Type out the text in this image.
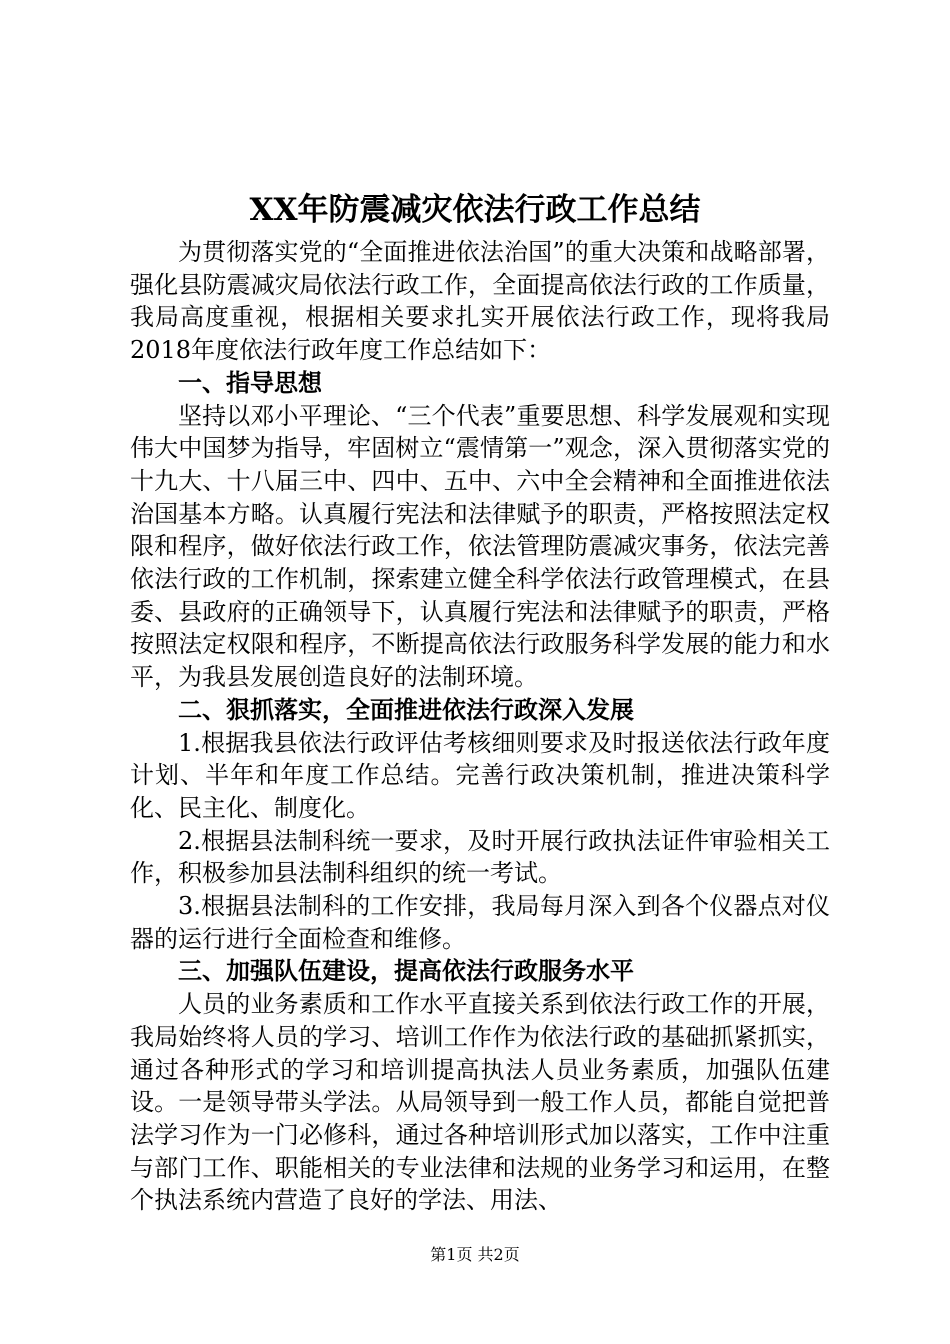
XX年防震减灾依法行政工作总结

为贯彻落实党的“全面推进依法治国”的重大决策和战略部署，强化县防震减灾局依法行政工作，全面提高依法行政的工作质量，我局高度重视，根据相关要求扎实开展依法行政工作，现将我局2018年度依法行政年度工作总结如下：

一、指导思想

坚持以邓小平理论、“三个代表”重要思想、科学发展观和实现伟大中国梦为指导，牢固树立“震情第一”观念，深入贯彻落实党的十九大、十八届三中、四中、五中、六中全会精神和全面推进依法治国基本方略。认真履行宪法和法律赋予的职责，严格按照法定权限和程序，做好依法行政工作，依法管理防震减灾事务，依法完善依法行政的工作机制，探索建立健全科学依法行政管理模式，在县委、县政府的正确领导下，认真履行宪法和法律赋予的职责，严格按照法定权限和程序，不断提高依法行政服务科学发展的能力和水平，为我县发展创造良好的法制环境。

二、狠抓落实，全面推进依法行政深入发展

1.根据我县依法行政评估考核细则要求及时报送依法行政年度计划、半年和年度工作总结。完善行政决策机制，推进决策科学化、民主化、制度化。

2.根据县法制科统一要求，及时开展行政执法证件审验相关工作，积极参加县法制科组织的统一考试。

3.根据县法制科的工作安排，我局每月深入到各个仪器点对仪器的运行进行全面检查和维修。

三、加强队伍建设，提高依法行政服务水平

人员的业务素质和工作水平直接关系到依法行政工作的开展，我局始终将人员的学习、培训工作作为依法行政的基础抓紧抓实，通过各种形式的学习和培训提高执法人员业务素质，加强队伍建设。一是领导带头学法。从局领导到一般工作人员，都能自觉把普法学习作为一门必修科，通过各种培训形式加以落实，工作中注重与部门工作、职能相关的专业法律和法规的业务学习和运用，在整个执法系统内营造了良好的学法、用法、

第1页 共2页
